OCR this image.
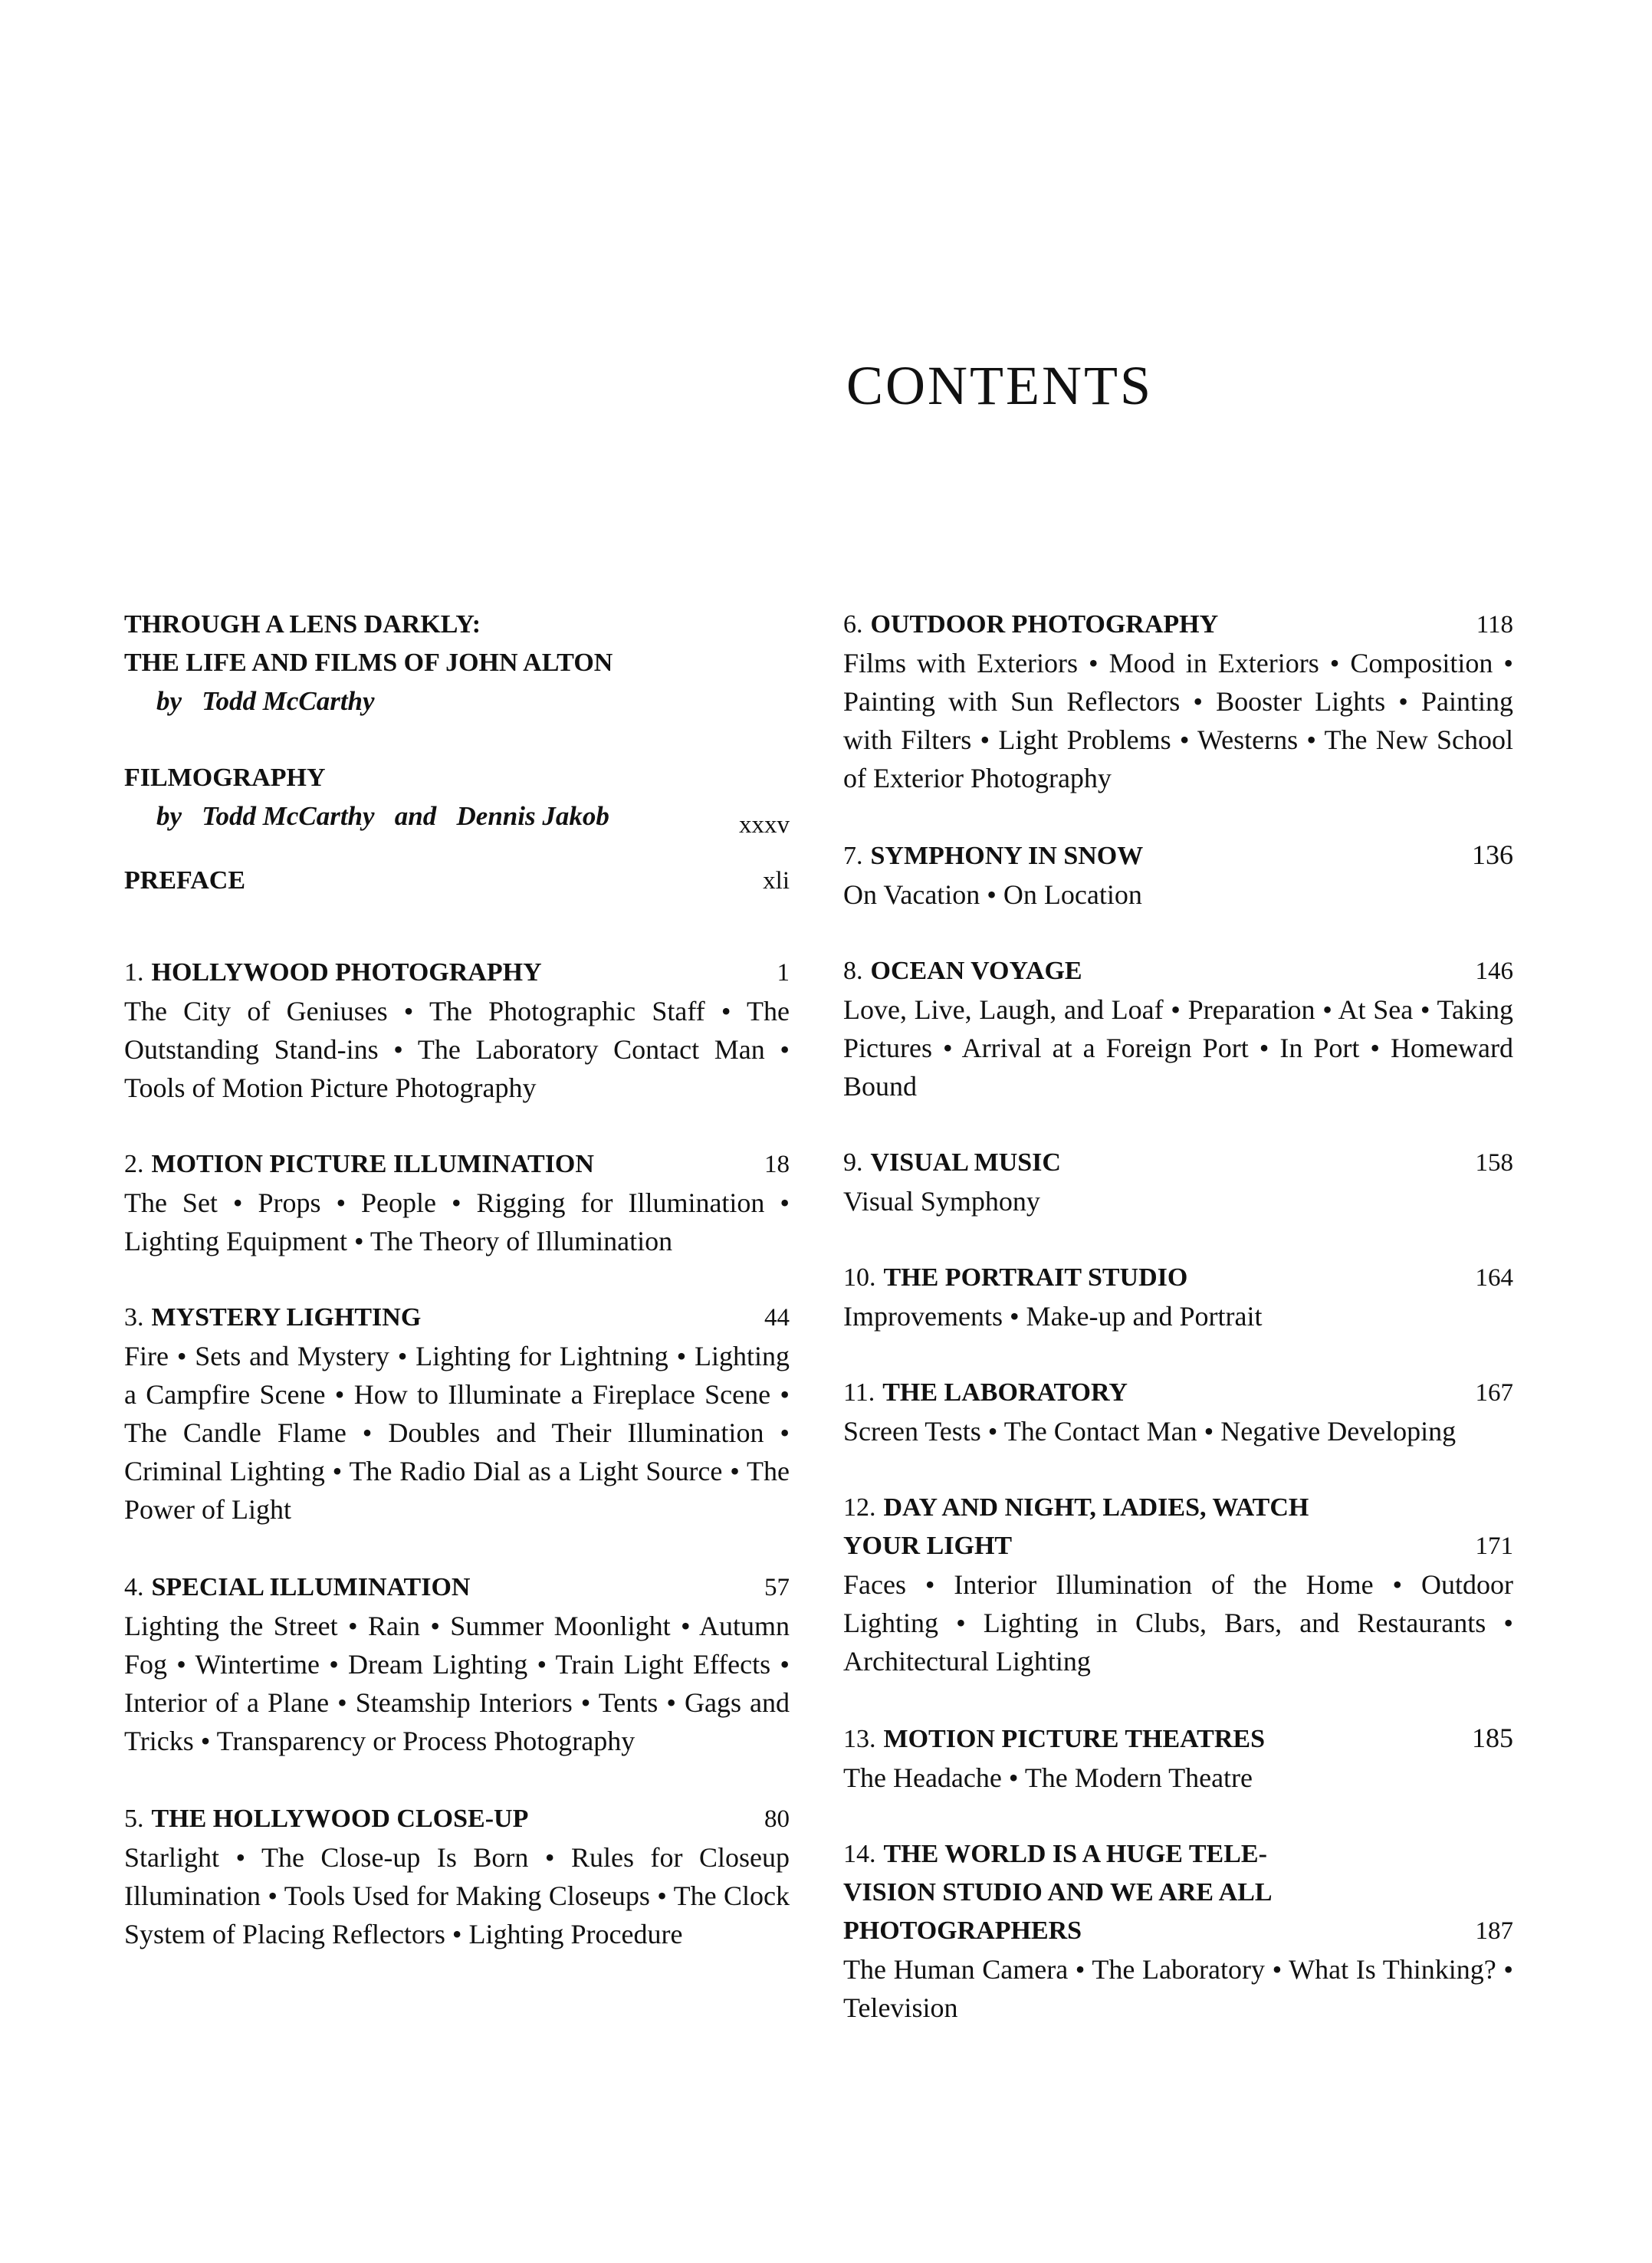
CONTENTS
THROUGH A LENS DARKLY:
THE LIFE AND FILMS OF JOHN ALTON
by   Todd McCarthy
FILMOGRAPHY
by   Todd McCarthy   and   Dennis Jakob	xxxv
PREFACE	xli
1. HOLLYWOOD PHOTOGRAPHY	1

The City of Geniuses • The Photographic Staff • The Outstanding Stand-ins • The Laboratory Contact Man • Tools of Motion Picture Photography

2. MOTION PICTURE ILLUMINATION	18

The Set • Props • People • Rigging for Illumination • Lighting Equipment • The Theory of Illumination

3. MYSTERY LIGHTING	44

Fire • Sets and Mystery • Lighting for Lightning • Lighting a Campfire Scene • How to Illuminate a Fireplace Scene • The Candle Flame • Doubles and Their Illumination • Criminal Lighting • The Radio Dial as a Light Source • The Power of Light

4. SPECIAL ILLUMINATION	57

Lighting the Street • Rain • Summer Moonlight • Autumn Fog • Wintertime • Dream Lighting • Train Light Effects • Interior of a Plane • Steamship Interiors • Tents • Gags and Tricks • Transparency or Process Photography

5. THE HOLLYWOOD CLOSE-UP	80

Starlight • The Close-up Is Born • Rules for Closeup Illumination • Tools Used for Making Closeups • The Clock System of Placing Reflectors • Lighting Procedure

6. OUTDOOR PHOTOGRAPHY	118

Films with Exteriors • Mood in Exteriors • Composition • Painting with Sun Reflectors • Booster Lights • Painting with Filters • Light Problems • Westerns • The New School of Exterior Photography

7. SYMPHONY IN SNOW	136

On Vacation • On Location

8. OCEAN VOYAGE	146

Love, Live, Laugh, and Loaf • Preparation • At Sea • Taking Pictures • Arrival at a Foreign Port • In Port • Homeward Bound

9. VISUAL MUSIC	158

Visual Symphony

10. THE PORTRAIT STUDIO	164

Improvements • Make-up and Portrait

11. THE LABORATORY	167

Screen Tests • The Contact Man • Negative Developing

12. DAY AND NIGHT, LADIES, WATCH
YOUR LIGHT	171

Faces • Interior Illumination of the Home • Outdoor Lighting • Lighting in Clubs, Bars, and Restaurants • Architectural Lighting

13. MOTION PICTURE THEATRES	185

The Headache • The Modern Theatre

14. THE WORLD IS A HUGE TELE-
VISION STUDIO AND WE ARE ALL
PHOTOGRAPHERS	187

The Human Camera • The Laboratory • What Is Thinking? • Television
